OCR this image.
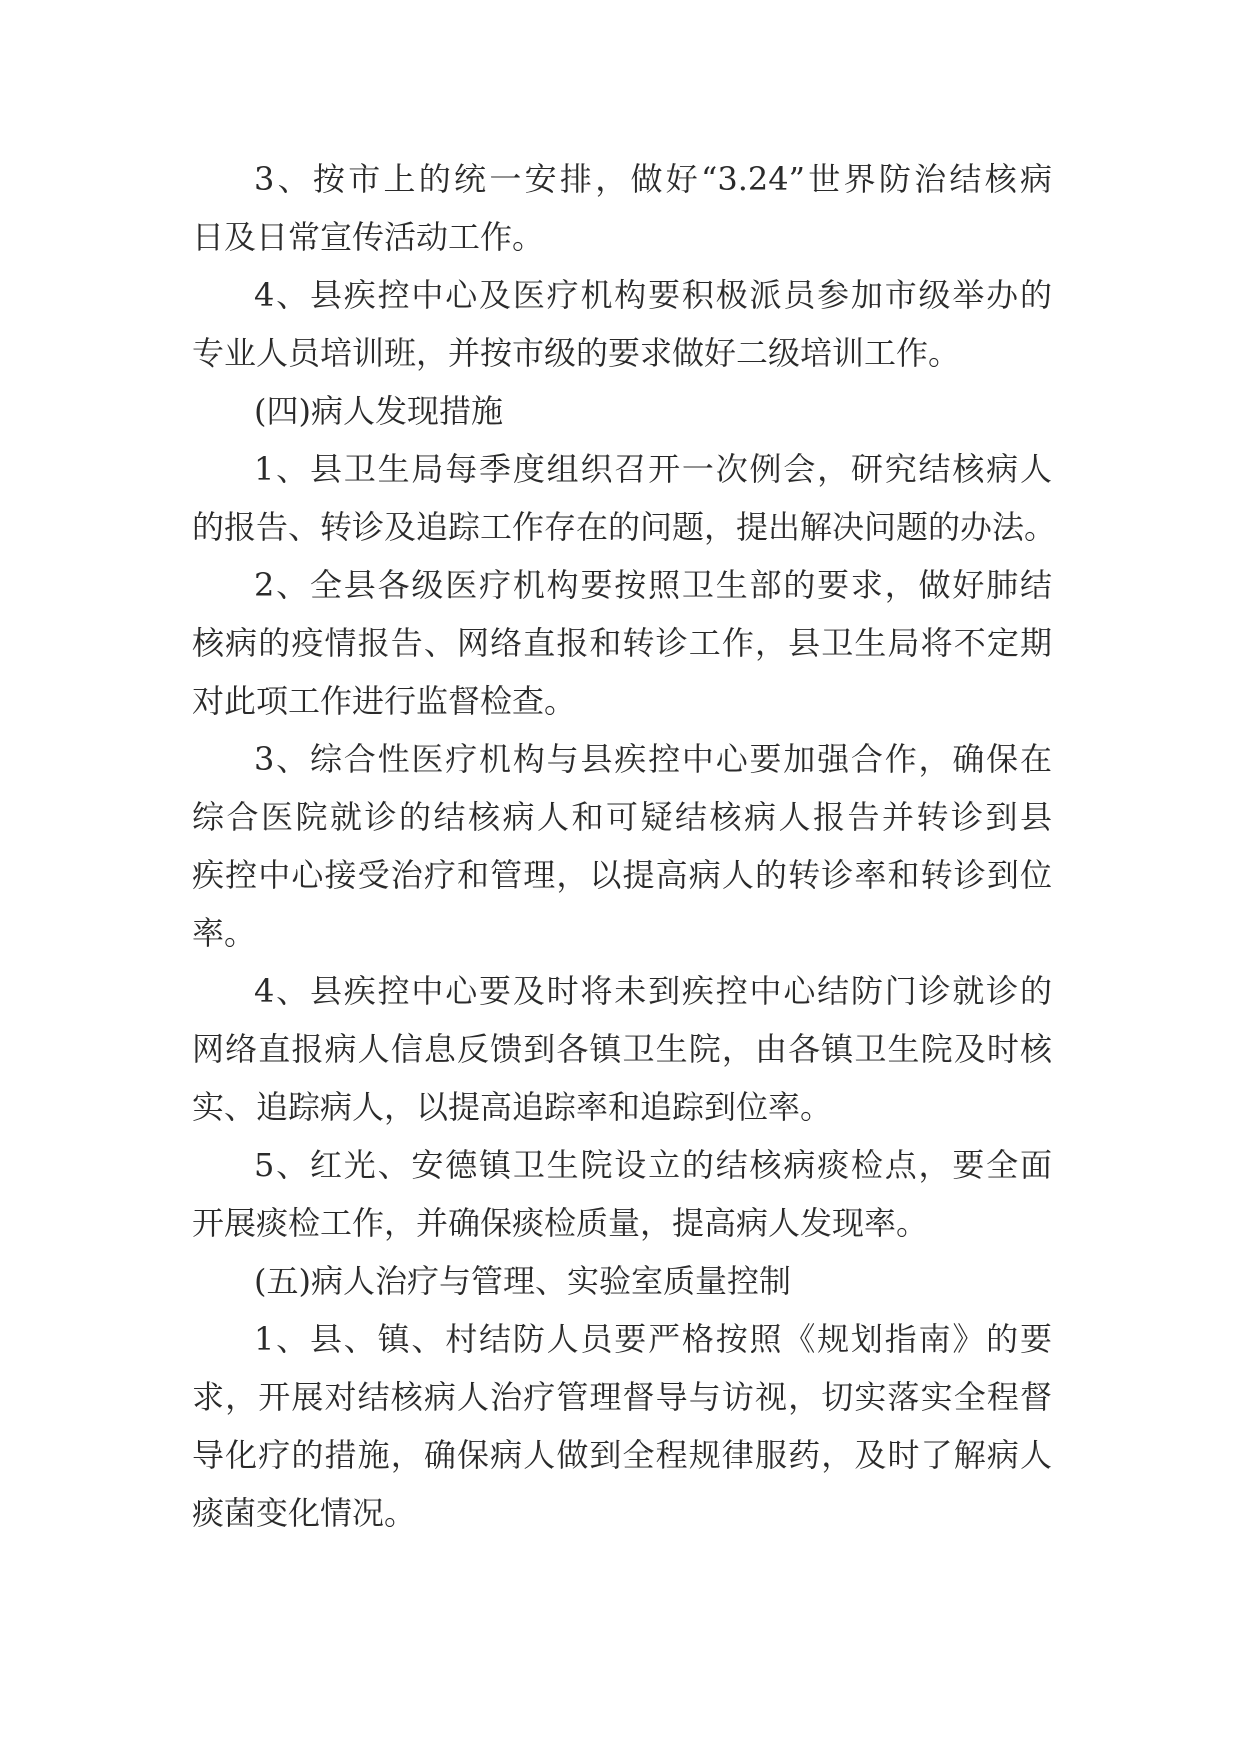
3、按市上的统一安排，做好“3.24”世界防治结核病
日及日常宣传活动工作。
4、县疾控中心及医疗机构要积极派员参加市级举办的
专业人员培训班，并按市级的要求做好二级培训工作。
(四)病人发现措施
1、县卫生局每季度组织召开一次例会，研究结核病人
的报告、转诊及追踪工作存在的问题，提出解决问题的办法。
2、全县各级医疗机构要按照卫生部的要求，做好肺结
核病的疫情报告、网络直报和转诊工作，县卫生局将不定期
对此项工作进行监督检查。
3、综合性医疗机构与县疾控中心要加强合作，确保在
综合医院就诊的结核病人和可疑结核病人报告并转诊到县
疾控中心接受治疗和管理，以提高病人的转诊率和转诊到位
率。
4、县疾控中心要及时将未到疾控中心结防门诊就诊的
网络直报病人信息反馈到各镇卫生院，由各镇卫生院及时核
实、追踪病人，以提高追踪率和追踪到位率。
5、红光、安德镇卫生院设立的结核病痰检点，要全面
开展痰检工作，并确保痰检质量，提高病人发现率。
(五)病人治疗与管理、实验室质量控制
1、县、镇、村结防人员要严格按照《规划指南》的要
求，开展对结核病人治疗管理督导与访视，切实落实全程督
导化疗的措施，确保病人做到全程规律服药，及时了解病人
痰菌变化情况。
